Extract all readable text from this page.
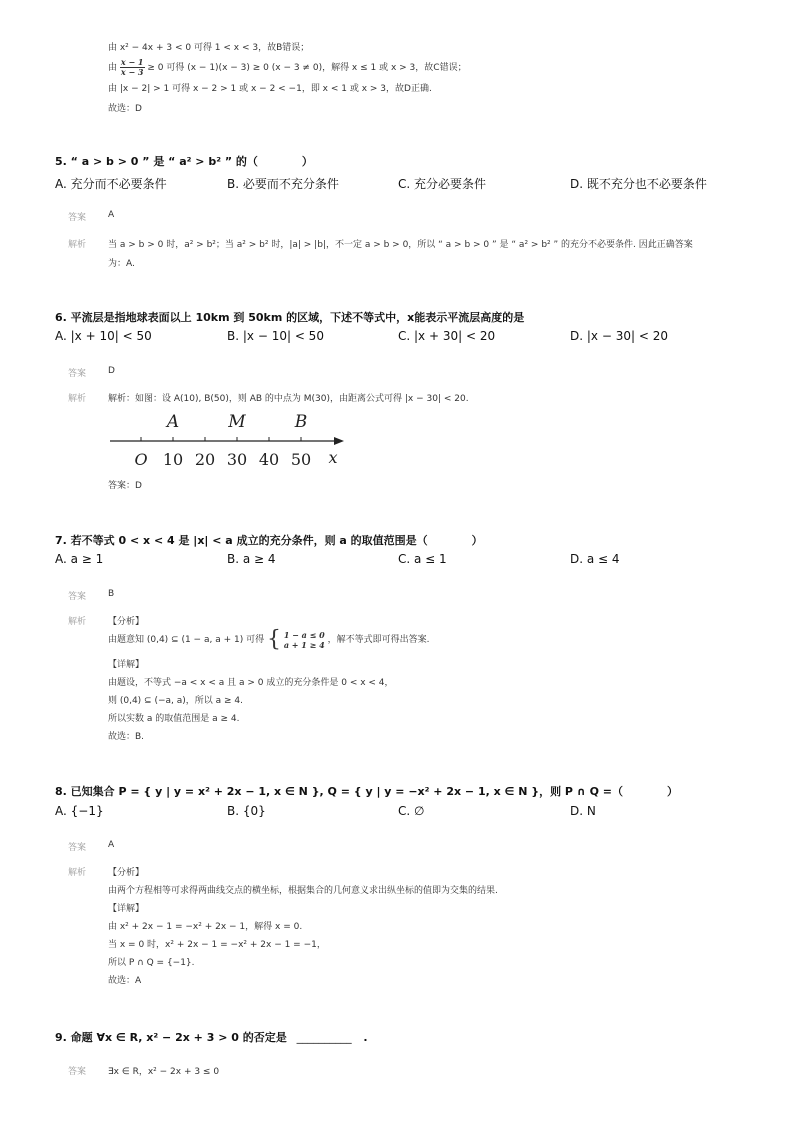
由 x² − 4x + 3 < 0 可得 1 < x < 3，故B错误；
由 $\frac{x - 1}{x - 3} \ge 0$ 可得 (x − 1)(x − 3) ≥ 0 (x − 3 ≠ 0)，解得 x ≤ 1 或 x > 3，故C错误；
由 |x − 2| > 1 可得 x − 2 > 1 或 x − 2 < −1，即 x < 1 或 x > 3，故D正确.
故选：D
5. “ a > b > 0 ” 是 “ a² > b² ” 的（　　　　）
A. 充分而不必要条件	B. 必要而不充分条件	C. 充分必要条件	D. 既不充分也不必要条件
答案 A
解析 当 a > b > 0 时，a² > b²；当 a² > b² 时，|a| > |b|，不一定 a > b > 0，所以 “ a > b > 0 ” 是 “ a² > b² ” 的充分不必要条件. 因此正确答案
为：A.
6. 平流层是指地球表面以上 10km 到 50km 的区域，下述不等式中，x能表示平流层高度的是
A. |x + 10| < 50	B. |x − 10| < 50	C. |x + 30| < 20	D. |x − 30| < 20
答案 D
解析 解析：如图：设 A(10), B(50)，则 AB 的中点为 M(30)，由距离公式可得 |x − 30| < 20.
A	M	B
O 10 20 30 40 50 x
答案：D
7. 若不等式 0 < x < 4 是 |x| < a 成立的充分条件，则 a 的取值范围是（　　　　）
A. a ≥ 1	B. a ≥ 4	C. a ≤ 1	D. a ≤ 4
答案 B
解析 【分析】
由题意知 (0,4) ⊆ (1 − a, a + 1) 可得 { 1 − a ≤ 0
a + 1 ≥ 4 ，解不等式即可得出答案.
【详解】
由题设，不等式 −a < x < a 且 a > 0 成立的充分条件是 0 < x < 4，
则 (0,4) ⊆ (−a, a)，所以 a ≥ 4.
所以实数 a 的取值范围是 a ≥ 4.
故选：B.
8. 已知集合 P = { y | y = x² + 2x − 1, x ∈ N }, Q = { y | y = −x² + 2x − 1, x ∈ N }，则 P ∩ Q =（　　　　）
A. {−1}	B. {0}	C. ∅	D. N
答案 A
解析 【分析】
由两个方程相等可求得两曲线交点的横坐标，根据集合的几何意义求出纵坐标的值即为交集的结果.
【详解】
由 x² + 2x − 1 = −x² + 2x − 1，解得 x = 0.
当 x = 0 时，x² + 2x − 1 = −x² + 2x − 1 = −1，
所以 P ∩ Q = {−1}.
故选：A
9. 命题 ∀x ∈ R, x² − 2x + 3 > 0 的否定是 __________ .
答案 ∃x ∈ R，x² − 2x + 3 ≤ 0
